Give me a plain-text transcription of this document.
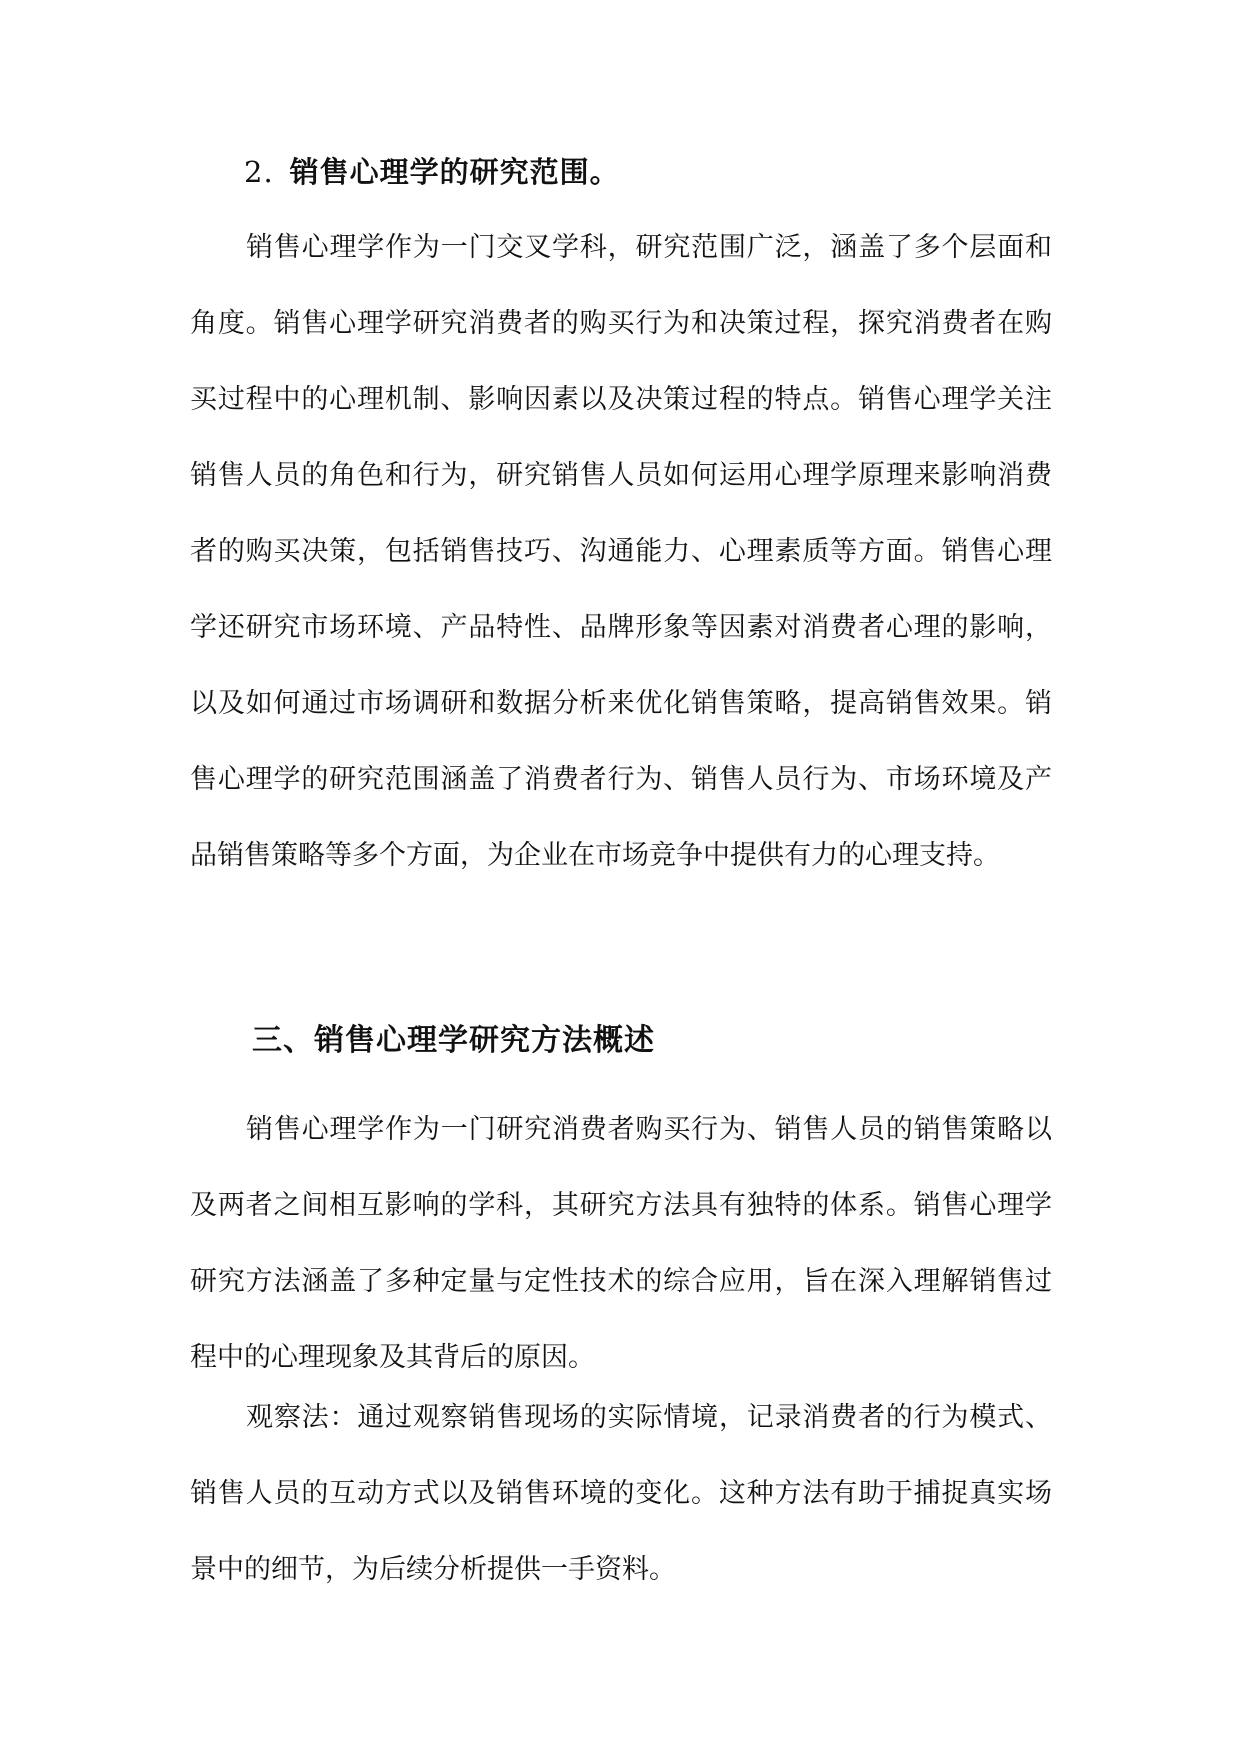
2. 销售心理学的研究范围。

销售心理学作为一门交叉学科，研究范围广泛，涵盖了多个层面和角度。销售心理学研究消费者的购买行为和决策过程，探究消费者在购买过程中的心理机制、影响因素以及决策过程的特点。销售心理学关注销售人员的角色和行为，研究销售人员如何运用心理学原理来影响消费者的购买决策，包括销售技巧、沟通能力、心理素质等方面。销售心理学还研究市场环境、产品特性、品牌形象等因素对消费者心理的影响，以及如何通过市场调研和数据分析来优化销售策略，提高销售效果。销售心理学的研究范围涵盖了消费者行为、销售人员行为、市场环境及产品销售策略等多个方面，为企业在市场竞争中提供有力的心理支持。

三、销售心理学研究方法概述

销售心理学作为一门研究消费者购买行为、销售人员的销售策略以及两者之间相互影响的学科，其研究方法具有独特的体系。销售心理学研究方法涵盖了多种定量与定性技术的综合应用，旨在深入理解销售过程中的心理现象及其背后的原因。

观察法：通过观察销售现场的实际情境，记录消费者的行为模式、销售人员的互动方式以及销售环境的变化。这种方法有助于捕捉真实场景中的细节，为后续分析提供一手资料。
